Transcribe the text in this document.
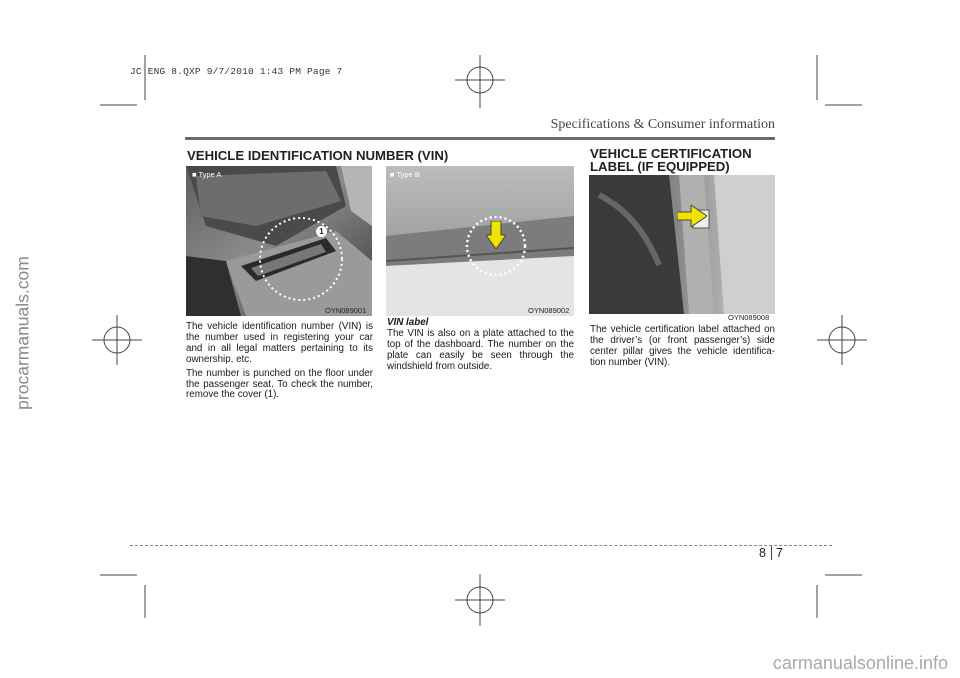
JC ENG 8.QXP 9/7/2010 1:43 PM Page 7
procarmanuals.com
Specifications & Consumer information
VEHICLE IDENTIFICATION NUMBER (VIN)
■ Type A
1
OYN089001

The vehicle identification number (VIN) is the number used in registering your car and in all legal matters pertaining to its ownership, etc.

The number is punched on the floor under the passenger seat. To check the number, remove the cover (1).

■ Type B
OYN089002

VIN label

The VIN is also on a plate attached to the top of the dashboard. The number on the plate can easily be seen through the windshield from outside.

VEHICLE CERTIFICATION
LABEL (IF EQUIPPED)
OYN089008

The vehicle certification label attached on the driver’s (or front passenger’s) side center pillar gives the vehicle identifica-tion number (VIN).

8 7
carmanualsonline.info
